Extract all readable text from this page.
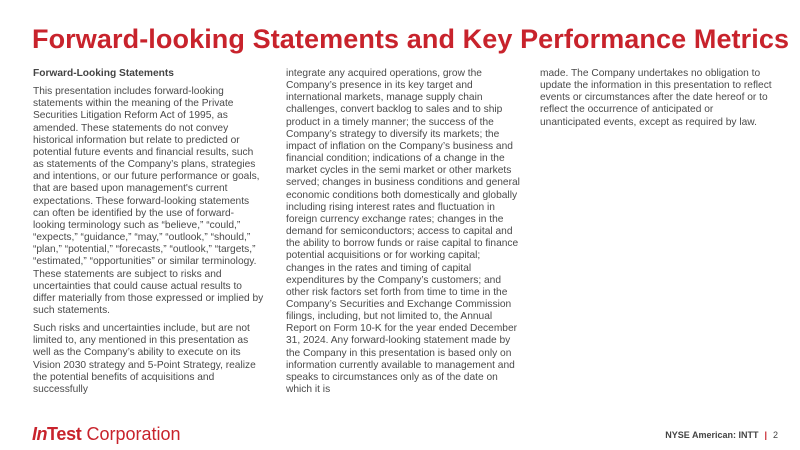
Forward-looking Statements and Key Performance Metrics

Forward-Looking Statements

This presentation includes forward-looking statements within the meaning of the Private Securities Litigation Reform Act of 1995, as amended. These statements do not convey historical information but relate to predicted or potential future events and financial results, such as statements of the Company’s plans, strategies and intentions, or our future performance or goals, that are based upon management's current expectations. These forward-looking statements can often be identified by the use of forward-looking terminology such as “believe,” “could,” “expects,” “guidance,” “may,” “outlook,” “should,” “plan,” “potential,” “forecasts,” “outlook,” “targets,” “estimated,” “opportunities” or similar terminology. These statements are subject to risks and uncertainties that could cause actual results to differ materially from those expressed or implied by such statements.

Such risks and uncertainties include, but are not limited to, any mentioned in this presentation as well as the Company’s ability to execute on its Vision 2030 strategy and 5-Point Strategy, realize the potential benefits of acquisitions and successfully

integrate any acquired operations, grow the Company’s presence in its key target and international markets, manage supply chain challenges, convert backlog to sales and to ship product in a timely manner; the success of the Company’s strategy to diversify its markets; the impact of inflation on the Company’s business and financial condition; indications of a change in the market cycles in the semi market or other markets served; changes in business conditions and general economic conditions both domestically and globally including rising interest rates and fluctuation in foreign currency exchange rates; changes in the demand for semiconductors; access to capital and the ability to borrow funds or raise capital to finance potential acquisitions or for working capital; changes in the rates and timing of capital expenditures by the Company’s customers; and other risk factors set forth from time to time in the Company’s Securities and Exchange Commission filings, including, but not limited to, the Annual Report on Form 10-K for the year ended December 31, 2024. Any forward-looking statement made by the Company in this presentation is based only on information currently available to management and speaks to circumstances only as of the date on which it is

made. The Company undertakes no obligation to update the information in this presentation to reflect events or circumstances after the date hereof or to reflect the occurrence of anticipated or unanticipated events, except as required by law.

InTest Corporation	NYSE American: INTT | 2
